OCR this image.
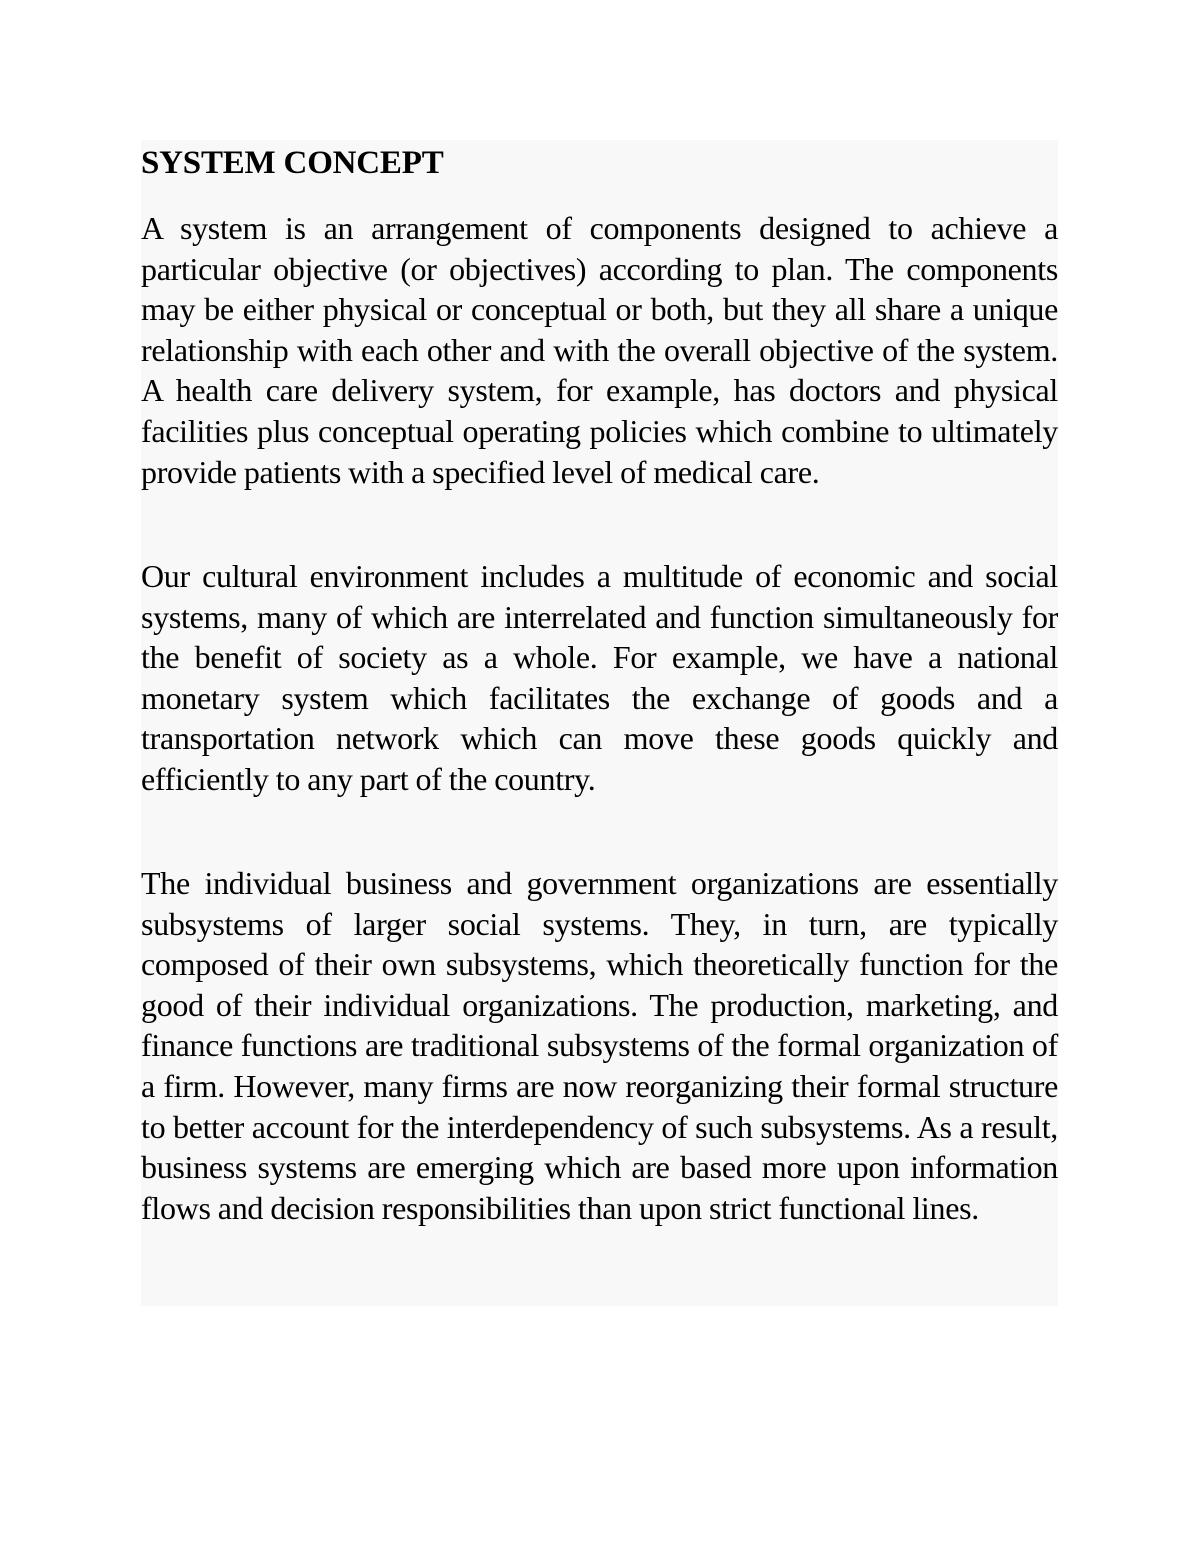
SYSTEM CONCEPT

A system is an arrangement of components designed to achieve a particular objective (or objectives) according to plan. The components may be either physical or conceptual or both, but they all share a unique relationship with each other and with the overall objective of the system. A health care delivery system, for example, has doctors and physical facilities plus conceptual operating policies which combine to ultimately provide patients with a specified level of medical care.

Our cultural environment includes a multitude of economic and social systems, many of which are interrelated and function simultaneously for the benefit of society as a whole. For example, we have a national monetary system which facilitates the exchange of goods and a transportation network which can move these goods quickly and efficiently to any part of the country.

The individual business and government organizations are essentially subsystems of larger social systems. They, in turn, are typically composed of their own subsystems, which theoretically function for the good of their individual organizations. The production, marketing, and finance functions are traditional subsystems of the formal organization of a firm. However, many firms are now reorganizing their formal structure to better account for the interdependency of such subsystems. As a result, business systems are emerging which are based more upon information flows and decision responsibilities than upon strict functional lines.
